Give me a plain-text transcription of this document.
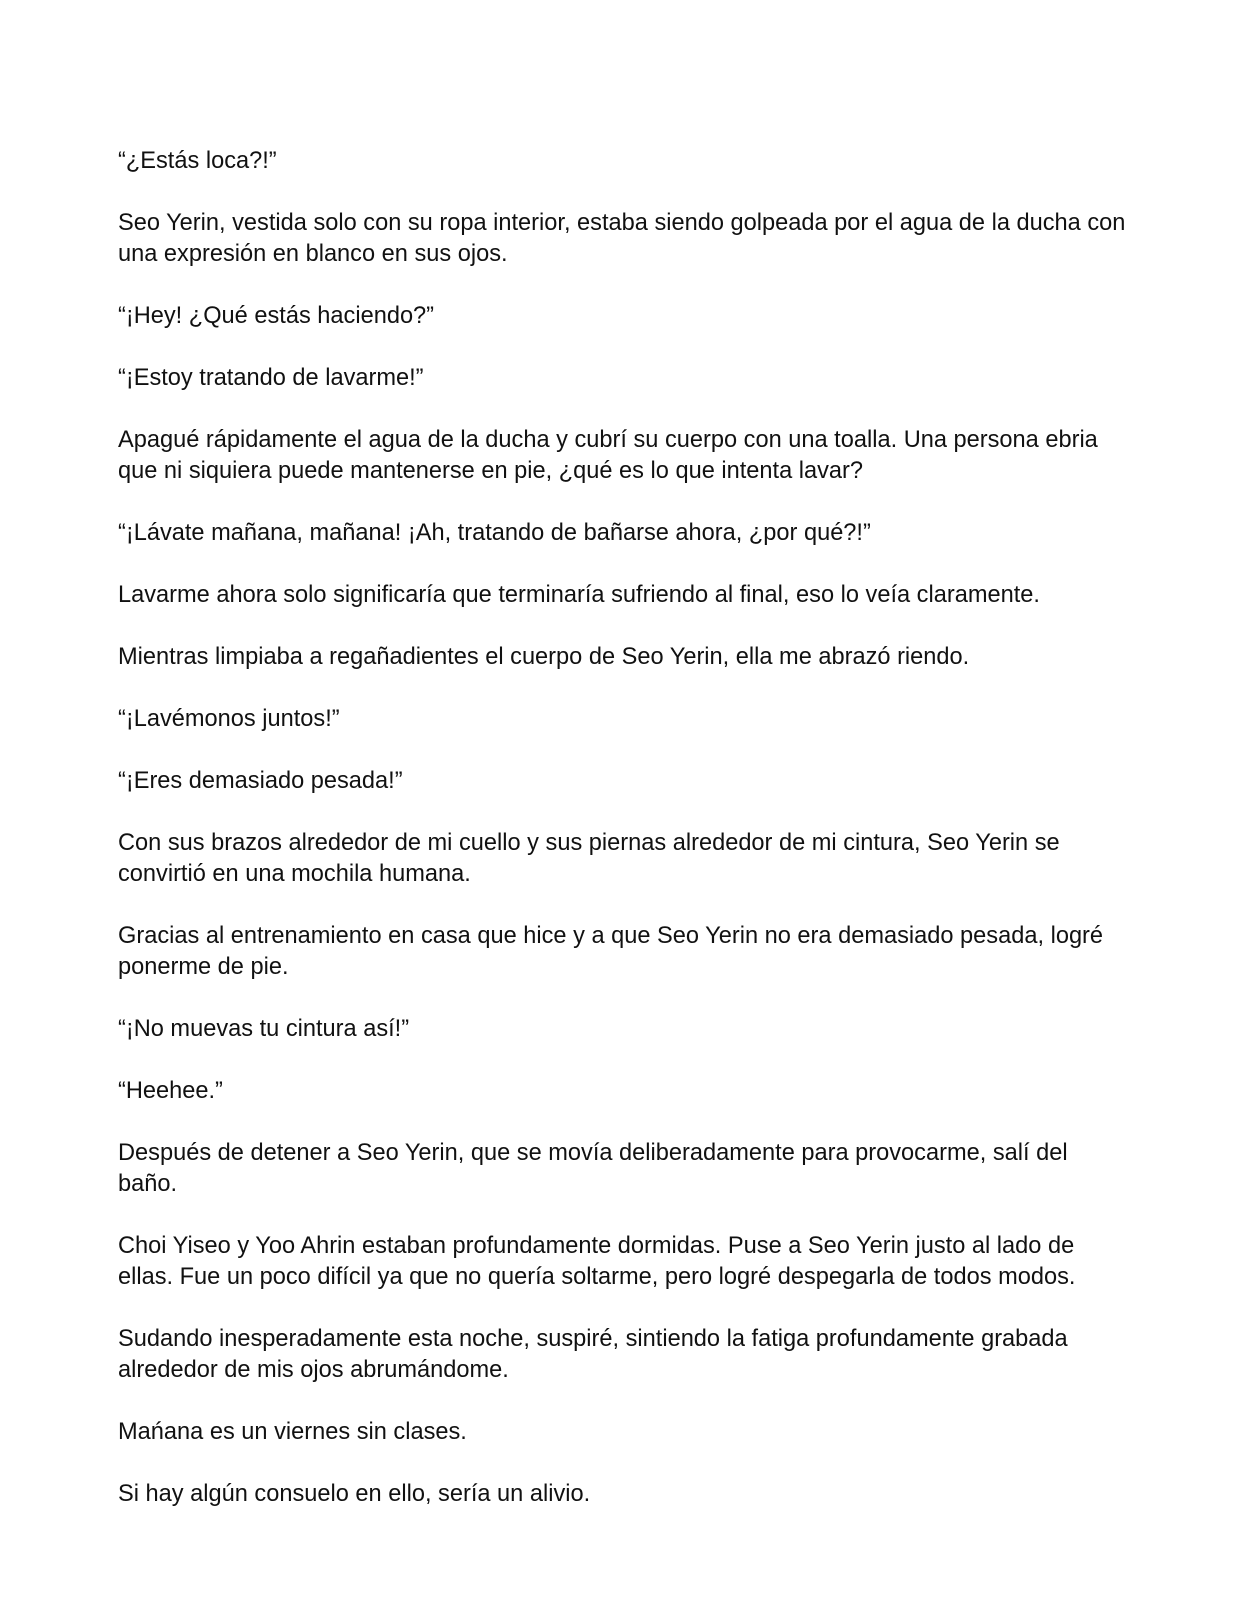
“¿Estás loca?!”

Seo Yerin, vestida solo con su ropa interior, estaba siendo golpeada por el agua de la ducha con una expresión en blanco en sus ojos.

“¡Hey! ¿Qué estás haciendo?”

“¡Estoy tratando de lavarme!”

Apagué rápidamente el agua de la ducha y cubrí su cuerpo con una toalla. Una persona ebria que ni siquiera puede mantenerse en pie, ¿qué es lo que intenta lavar?

“¡Lávate mañana, mañana! ¡Ah, tratando de bañarse ahora, ¿por qué?!”

Lavarme ahora solo significaría que terminaría sufriendo al final, eso lo veía claramente.

Mientras limpiaba a regañadientes el cuerpo de Seo Yerin, ella me abrazó riendo.

“¡Lavémonos juntos!”

“¡Eres demasiado pesada!”

Con sus brazos alrededor de mi cuello y sus piernas alrededor de mi cintura, Seo Yerin se convirtió en una mochila humana.

Gracias al entrenamiento en casa que hice y a que Seo Yerin no era demasiado pesada, logré ponerme de pie.

“¡No muevas tu cintura así!”

“Heehee.”

Después de detener a Seo Yerin, que se movía deliberadamente para provocarme, salí del baño.

Choi Yiseo y Yoo Ahrin estaban profundamente dormidas. Puse a Seo Yerin justo al lado de ellas. Fue un poco difícil ya que no quería soltarme, pero logré despegarla de todos modos.

Sudando inesperadamente esta noche, suspiré, sintiendo la fatiga profundamente grabada alrededor de mis ojos abrumándome.

Mańana es un viernes sin clases.

Si hay algún consuelo en ello, sería un alivio.
